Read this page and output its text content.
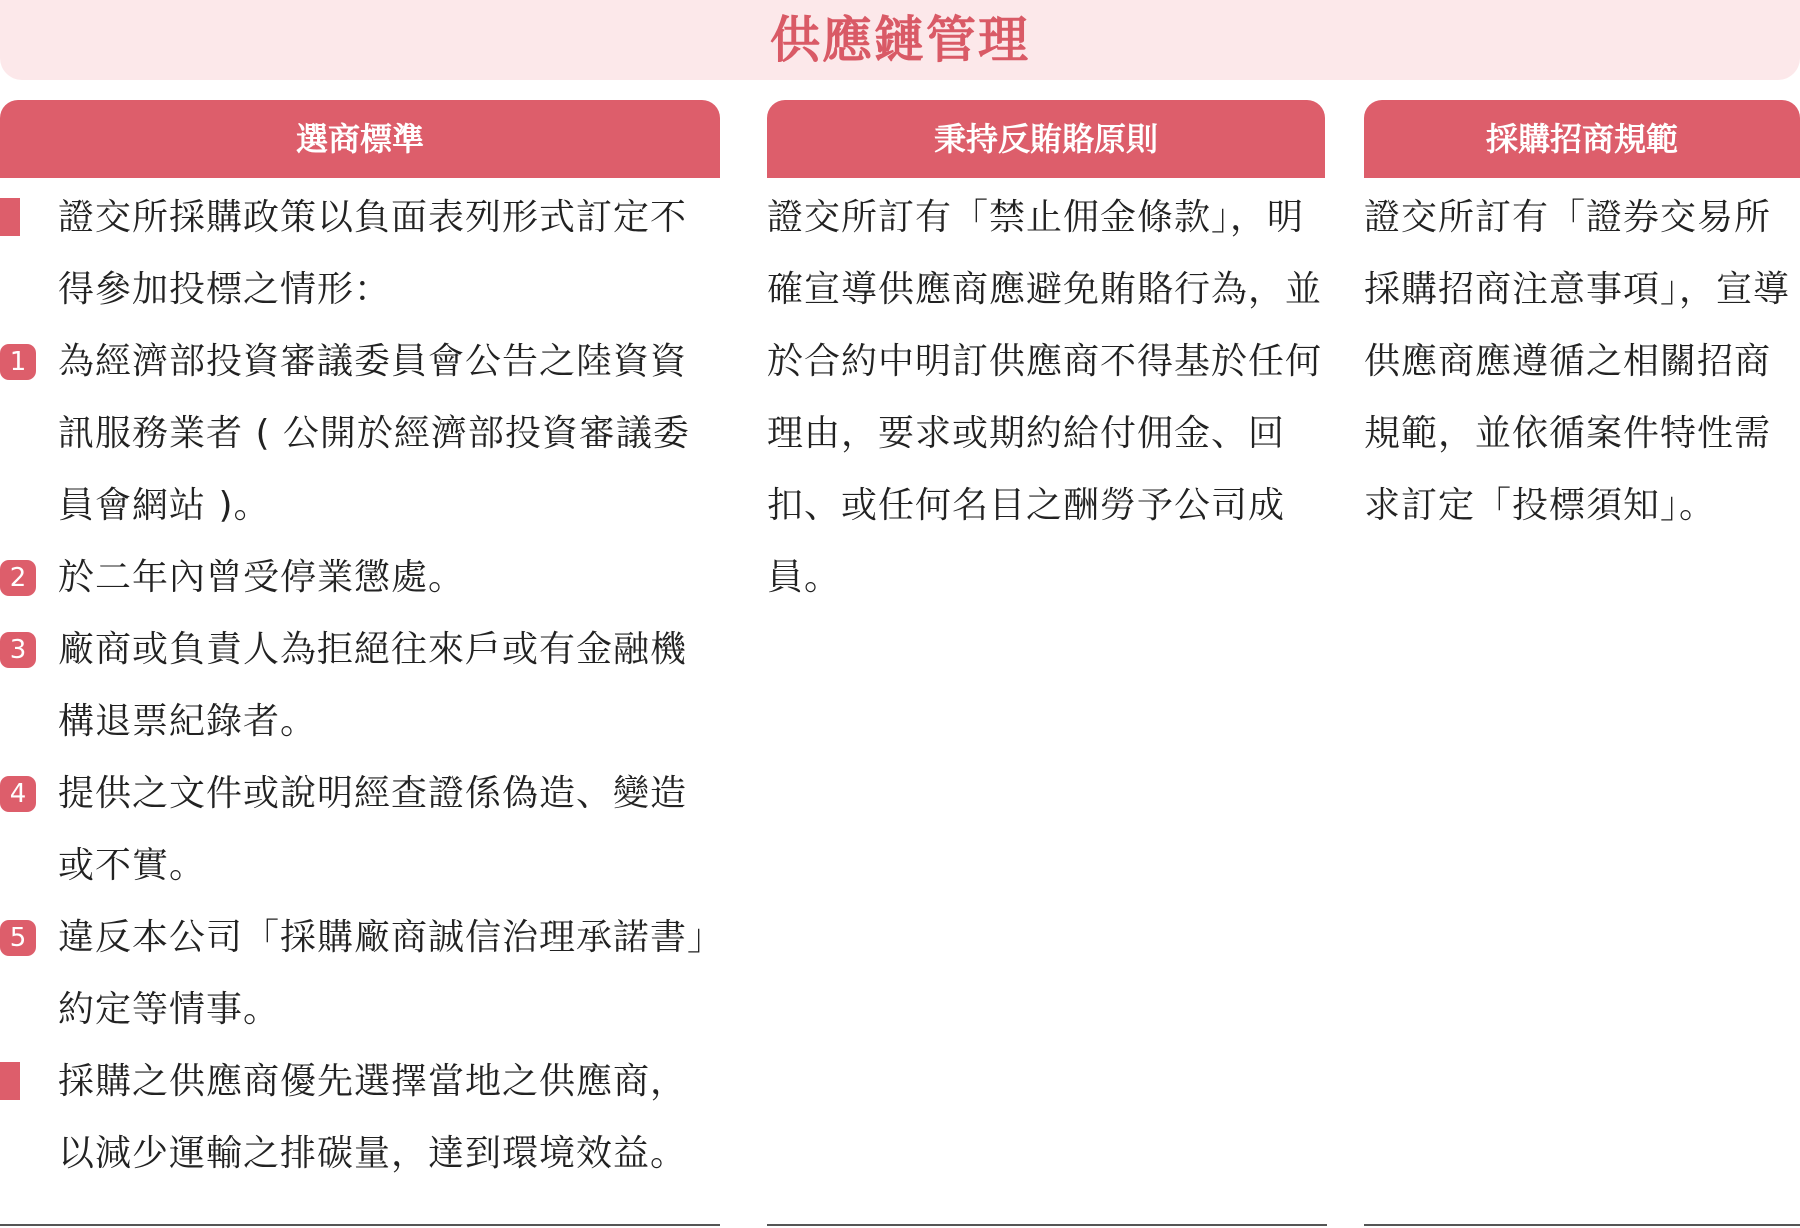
供應鏈管理
選商標準
證交所採購政策以負面表列形式訂定不得參加投標之情形：
1 為經濟部投資審議委員會公告之陸資資訊服務業者 ( 公開於經濟部投資審議委員會網站 )。
2 於二年內曾受停業懲處。
3 廠商或負責人為拒絕往來戶或有金融機構退票紀錄者。
4 提供之文件或說明經查證係偽造、變造或不實。
5 違反本公司「採購廠商誠信治理承諾書」約定等情事。
採購之供應商優先選擇當地之供應商，以減少運輸之排碳量，達到環境效益。
秉持反賄賂原則
證交所訂有「禁止佣金條款」，明確宣導供應商應避免賄賂行為，並於合約中明訂供應商不得基於任何理由，要求或期約給付佣金、回扣、或任何名目之酬勞予公司成員。
採購招商規範
證交所訂有「證券交易所採購招商注意事項」，宣導供應商應遵循之相關招商規範，並依循案件特性需求訂定「投標須知」。
